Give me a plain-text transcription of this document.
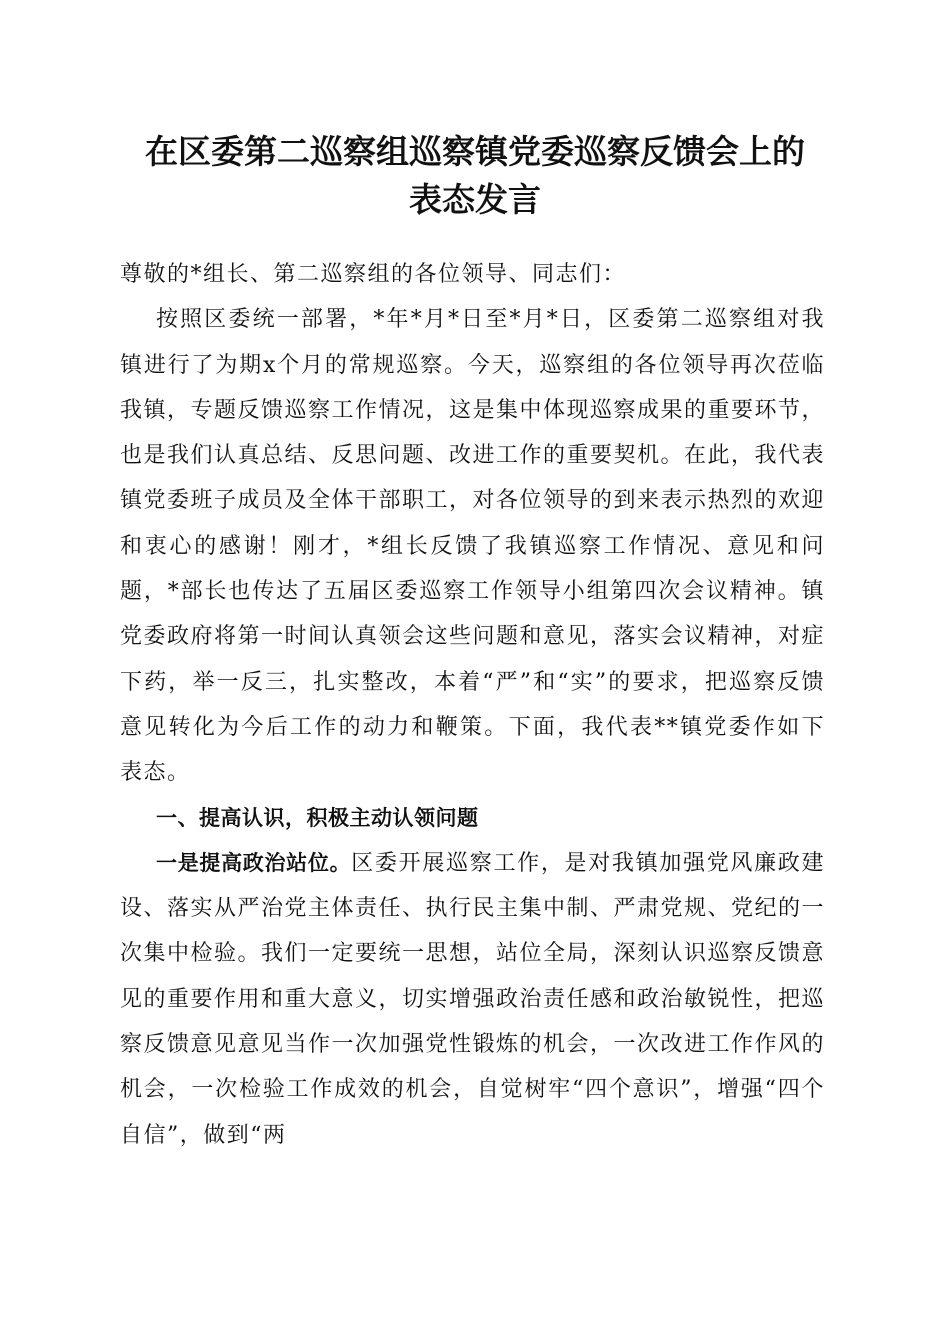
在区委第二巡察组巡察镇党委巡察反馈会上的
表态发言

尊敬的*组长、第二巡察组的各位领导、同志们：

按照区委统一部署，*年*月*日至*月*日，区委第二巡察组对我镇进行了为期x个月的常规巡察。今天，巡察组的各位领导再次莅临我镇，专题反馈巡察工作情况，这是集中体现巡察成果的重要环节，也是我们认真总结、反思问题、改进工作的重要契机。在此，我代表镇党委班子成员及全体干部职工，对各位领导的到来表示热烈的欢迎和衷心的感谢！刚才，*组长反馈了我镇巡察工作情况、意见和问题，*部长也传达了五届区委巡察工作领导小组第四次会议精神。镇党委政府将第一时间认真领会这些问题和意见，落实会议精神，对症下药，举一反三，扎实整改，本着“严”和“实”的要求，把巡察反馈意见转化为今后工作的动力和鞭策。下面，我代表**镇党委作如下表态。

一、提高认识，积极主动认领问题

一是提高政治站位。区委开展巡察工作，是对我镇加强党风廉政建设、落实从严治党主体责任、执行民主集中制、严肃党规、党纪的一次集中检验。我们一定要统一思想，站位全局，深刻认识巡察反馈意见的重要作用和重大意义，切实增强政治责任感和政治敏锐性，把巡察反馈意见意见当作一次加强党性锻炼的机会，一次改进工作作风的机会，一次检验工作成效的机会，自觉树牢“四个意识”，增强“四个自信”，做到“两
